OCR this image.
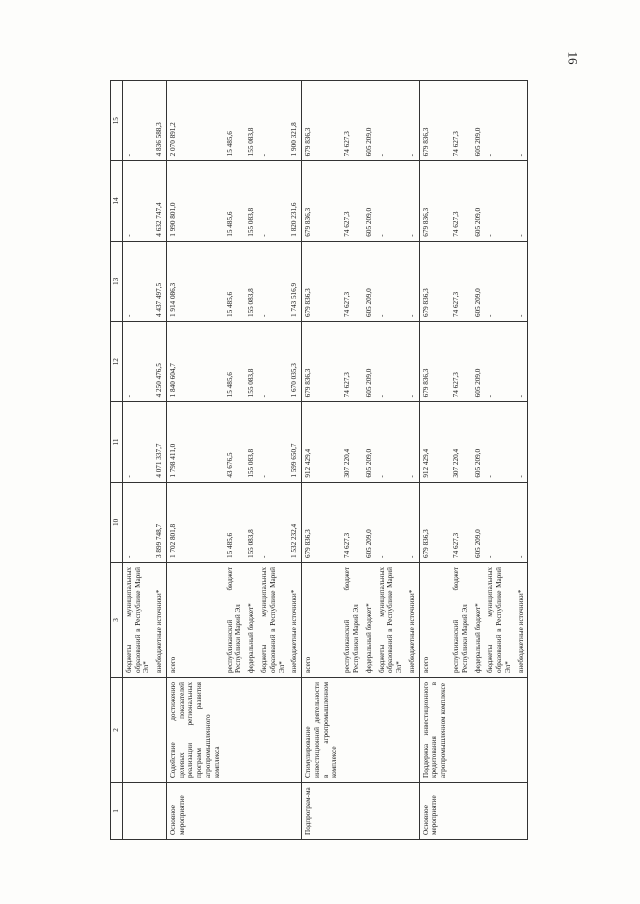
16
1	2	3	10	11	12	13	14	15
		бюджеты муниципальных образований в Республике Марий Эл*	-	-	-	-	-	-
		внебюджетные источники*	3 899 748,7	4 071 337,7	4 250 476,5	4 437 497,5	4 632 747,4	4 836 588,3
Основное мероприятие	Содействие достижению целевых показателей реализации региональных программ развития агропромышленного комплекса	всего	1 702 801,8	1 798 411,0	1 840 604,7	1 914 086,3	1 990 801,0	2 070 891,2
		республиканский бюджет Республики Марий Эл	15 485,6	43 676,5	15 485,6	15 485,6	15 485,6	15 485,6
		федеральный бюджет*	155 083,8	155 083,8	155 083,8	155 083,8	155 083,8	155 083,8
		бюджеты муниципальных образований в Республике Марий Эл*	-	-	-	-	-	-
		внебюджетные источники*	1 532 232,4	1 599 650,7	1 670 035,3	1 743 516,9	1 820 231,6	1 900 321,8
Подпрограм-ма	Стимулирование инвестиционной деятельности в агропромышленном комплексе	всего	679 836,3	912 429,4	679 836,3	679 836,3	679 836,3	679 836,3
		республиканский бюджет Республики Марий Эл	74 627,3	307 220,4	74 627,3	74 627,3	74 627,3	74 627,3
		федеральный бюджет*	605 209,0	605 209,0	605 209,0	605 209,0	605 209,0	605 209,0
		бюджеты муниципальных образований в Республике Марий Эл*	-	-	-	-	-	-
		внебюджетные источники*	-	-	-	-	-	-
Основное мероприятие	Поддержка инвестиционного кредитования в агропромышленном комплексе	всего	679 836,3	912 429,4	679 836,3	679 836,3	679 836,3	679 836,3
		республиканский бюджет Республики Марий Эл	74 627,3	307 220,4	74 627,3	74 627,3	74 627,3	74 627,3
		федеральный бюджет*	605 209,0	605 209,0	605 209,0	605 209,0	605 209,0	605 209,0
		бюджеты муниципальных образований в Республике Марий Эл*	-	-	-	-	-	-
		внебюджетные источники*	-	-	-	-	-	-
